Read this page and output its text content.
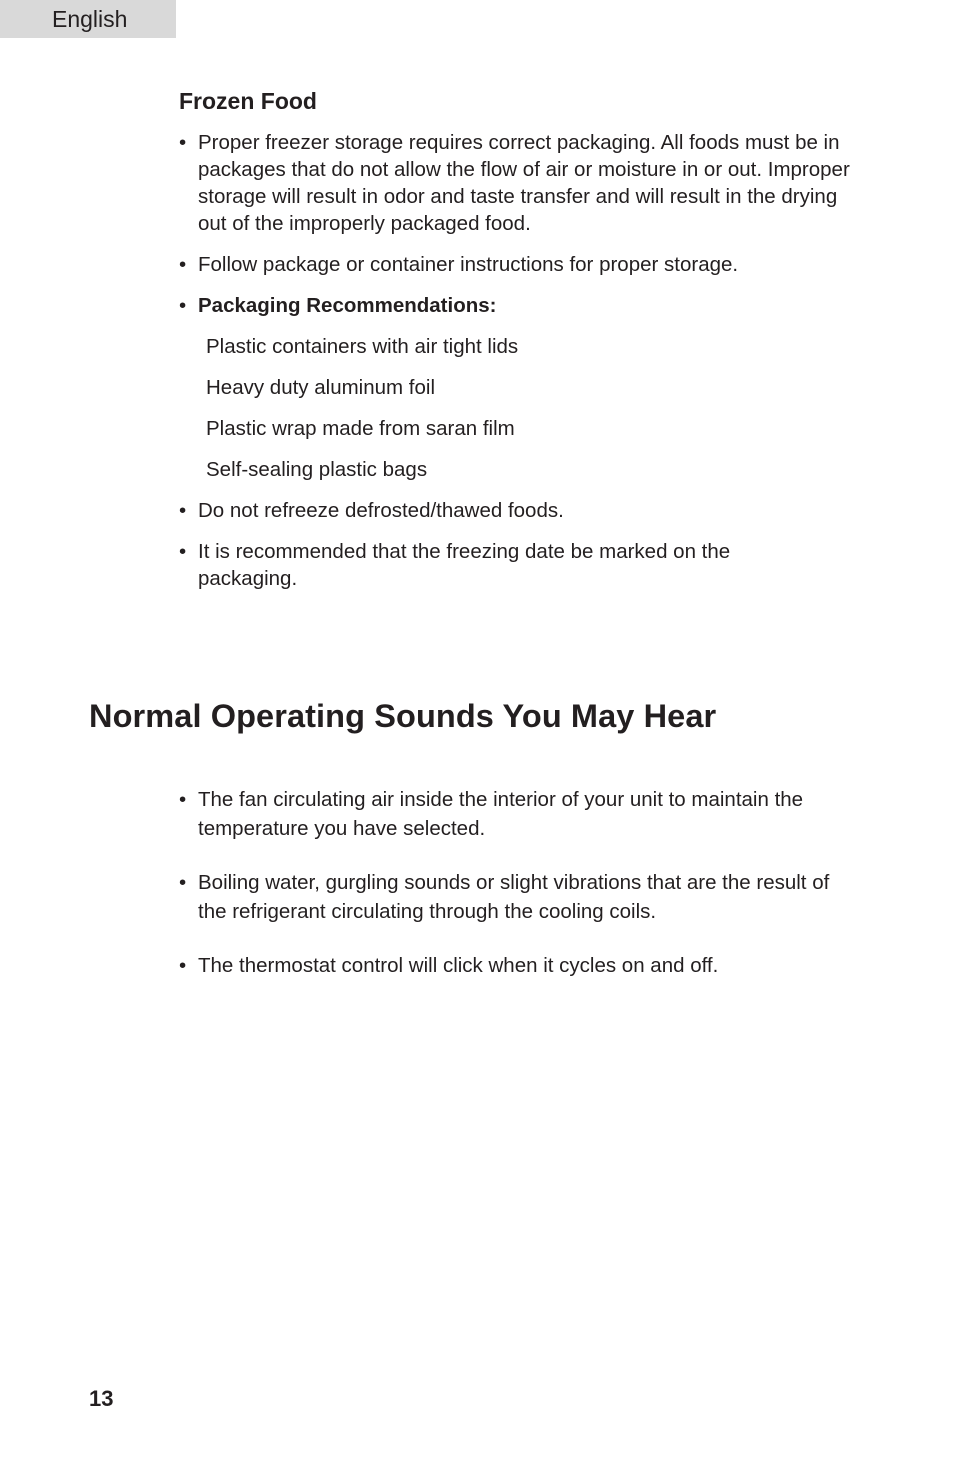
English
Frozen Food
• Proper freezer storage requires correct packaging. All foods must be in packages that do not allow the flow of air or moisture in or out. Improper storage will result in odor and taste transfer and will result in the drying out of the improperly packaged food.
• Follow package or container instructions for proper storage.
• Packaging Recommendations:
Plastic containers with air tight lids
Heavy duty aluminum foil
Plastic wrap made from saran film
Self-sealing plastic bags
• Do not refreeze defrosted/thawed foods.
• It is recommended that the freezing date be marked on the packaging.
Normal Operating Sounds You May Hear
• The fan circulating air inside the interior of your unit to maintain the temperature you have selected.
• Boiling water, gurgling sounds or slight vibrations that are the result of the refrigerant circulating through the cooling coils.
• The thermostat control will click when it cycles on and off.
13
